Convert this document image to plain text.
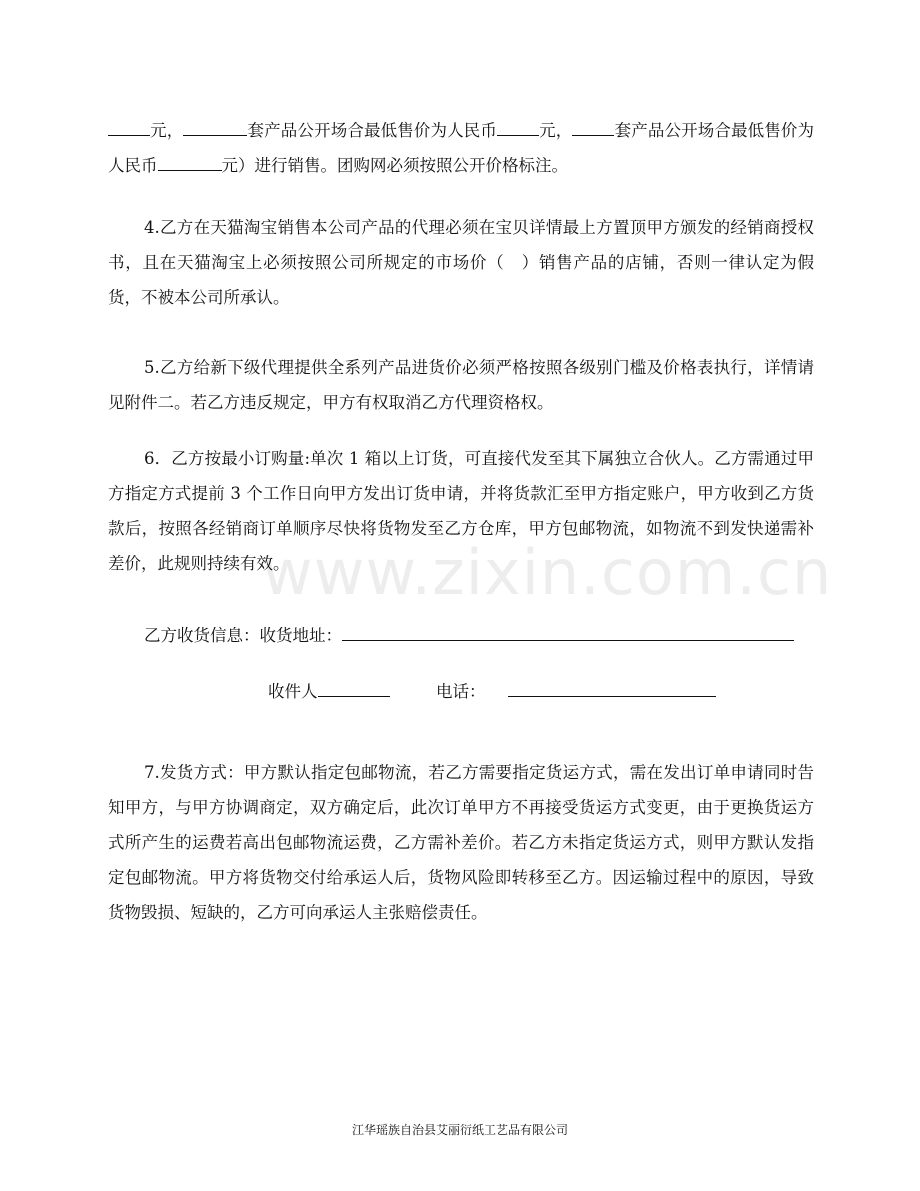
元，	套产品公开场合最低售价为人民币	元，	套产品公开场合最低售价为人民币	元）进行销售。团购网必须按照公开价格标注。

4.乙方在天猫淘宝销售本公司产品的代理必须在宝贝详情最上方置顶甲方颁发的经销商授权书，且在天猫淘宝上必须按照公司所规定的市场价（　）销售产品的店铺，否则一律认定为假货，不被本公司所承认。

5.乙方给新下级代理提供全系列产品进货价必须严格按照各级别门槛及价格表执行，详情请见附件二。若乙方违反规定，甲方有权取消乙方代理资格权。

6．乙方按最小订购量:单次 1 箱以上订货，可直接代发至其下属独立合伙人。乙方需通过甲方指定方式提前 3 个工作日向甲方发出订货申请，并将货款汇至甲方指定账户，甲方收到乙方货款后，按照各经销商订单顺序尽快将货物发至乙方仓库，甲方包邮物流，如物流不到发快递需补差价，此规则持续有效。

乙方收货信息：收货地址：
收件人	电话：

7.发货方式：甲方默认指定包邮物流，若乙方需要指定货运方式，需在发出订单申请同时告知甲方，与甲方协调商定，双方确定后，此次订单甲方不再接受货运方式变更，由于更换货运方式所产生的运费若高出包邮物流运费，乙方需补差价。若乙方未指定货运方式，则甲方默认发指定包邮物流。甲方将货物交付给承运人后，货物风险即转移至乙方。因运输过程中的原因，导致货物毁损、短缺的，乙方可向承运人主张赔偿责任。

www.zixin.com.cn
江华瑶族自治县艾丽衍纸工艺品有限公司
